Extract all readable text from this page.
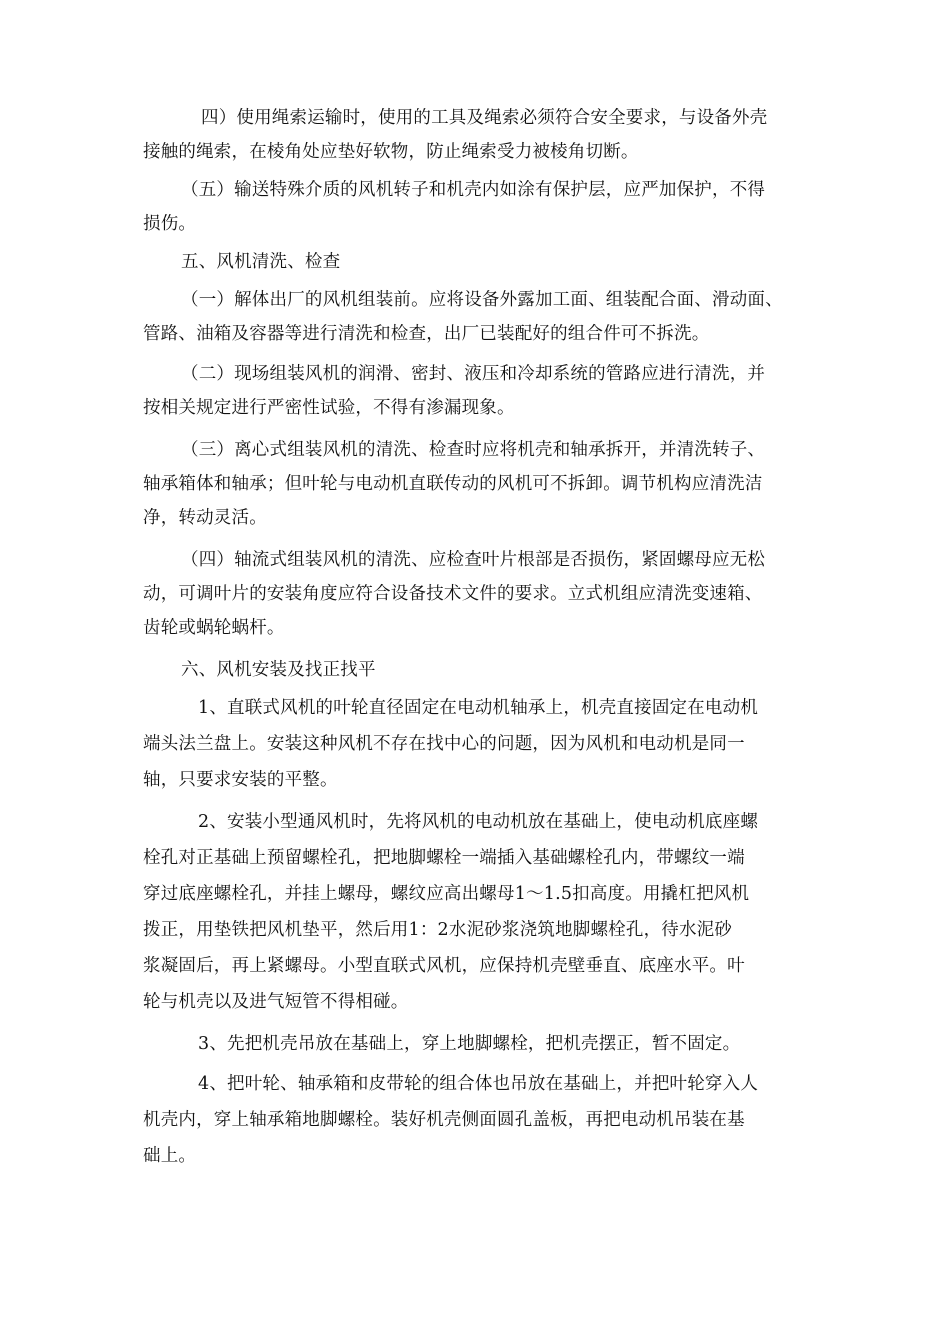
四）使用绳索运输时，使用的工具及绳索必须符合安全要求，与设备外壳
接触的绳索，在棱角处应垫好软物，防止绳索受力被棱角切断。
（五）输送特殊介质的风机转子和机壳内如涂有保护层，应严加保护，不得
损伤。
五、风机清洗、检查
（一）解体出厂的风机组装前。应将设备外露加工面、组装配合面、滑动面、
管路、油箱及容器等进行清洗和检查，出厂已装配好的组合件可不拆洗。
（二）现场组装风机的润滑、密封、液压和冷却系统的管路应进行清洗，并
按相关规定进行严密性试验，不得有渗漏现象。
（三）离心式组装风机的清洗、检查时应将机壳和轴承拆开，并清洗转子、
轴承箱体和轴承；但叶轮与电动机直联传动的风机可不拆卸。调节机构应清洗洁
净，转动灵活。
（四）轴流式组装风机的清洗、应检查叶片根部是否损伤，紧固螺母应无松
动，可调叶片的安装角度应符合设备技术文件的要求。立式机组应清洗变速箱、
齿轮或蜗轮蜗杆。
六、风机安装及找正找平
1、直联式风机的叶轮直径固定在电动机轴承上，机壳直接固定在电动机
端头法兰盘上。安装这种风机不存在找中心的问题，因为风机和电动机是同一
轴，只要求安装的平整。
2、安装小型通风机时，先将风机的电动机放在基础上，使电动机底座螺
栓孔对正基础上预留螺栓孔，把地脚螺栓一端插入基础螺栓孔内，带螺纹一端
穿过底座螺栓孔，并挂上螺母，螺纹应高出螺母1～1.5扣高度。用撬杠把风机
拨正，用垫铁把风机垫平，然后用1：2水泥砂浆浇筑地脚螺栓孔，待水泥砂
浆凝固后，再上紧螺母。小型直联式风机，应保持机壳壁垂直、底座水平。叶
轮与机壳以及进气短管不得相碰。
3、先把机壳吊放在基础上，穿上地脚螺栓，把机壳摆正，暂不固定。
4、把叶轮、轴承箱和皮带轮的组合体也吊放在基础上，并把叶轮穿入人
机壳内，穿上轴承箱地脚螺栓。装好机壳侧面圆孔盖板，再把电动机吊装在基
础上。
